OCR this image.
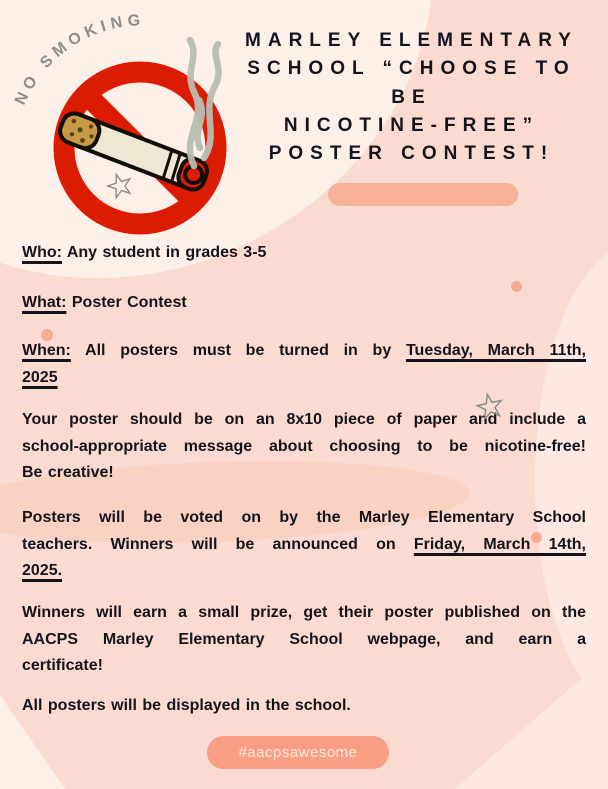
NO SMOKING
MARLEY ELEMENTARY
SCHOOL “CHOOSE TO
BE
NICOTINE-FREE”
POSTER CONTEST!

Who: Any student in grades 3-5

What: Poster Contest

When: All posters must be turned in by Tuesday, March 11th,
2025

Your poster should be on an 8x10 piece of paper and include a
school-appropriate message about choosing to be nicotine-free!
Be creative!

Posters will be voted on by the Marley Elementary School
teachers. Winners will be announced on Friday, March 14th,
2025.

Winners will earn a small prize, get their poster published on the
AACPS Marley Elementary School webpage, and earn a
certificate!

All posters will be displayed in the school.

#aacpsawesome
